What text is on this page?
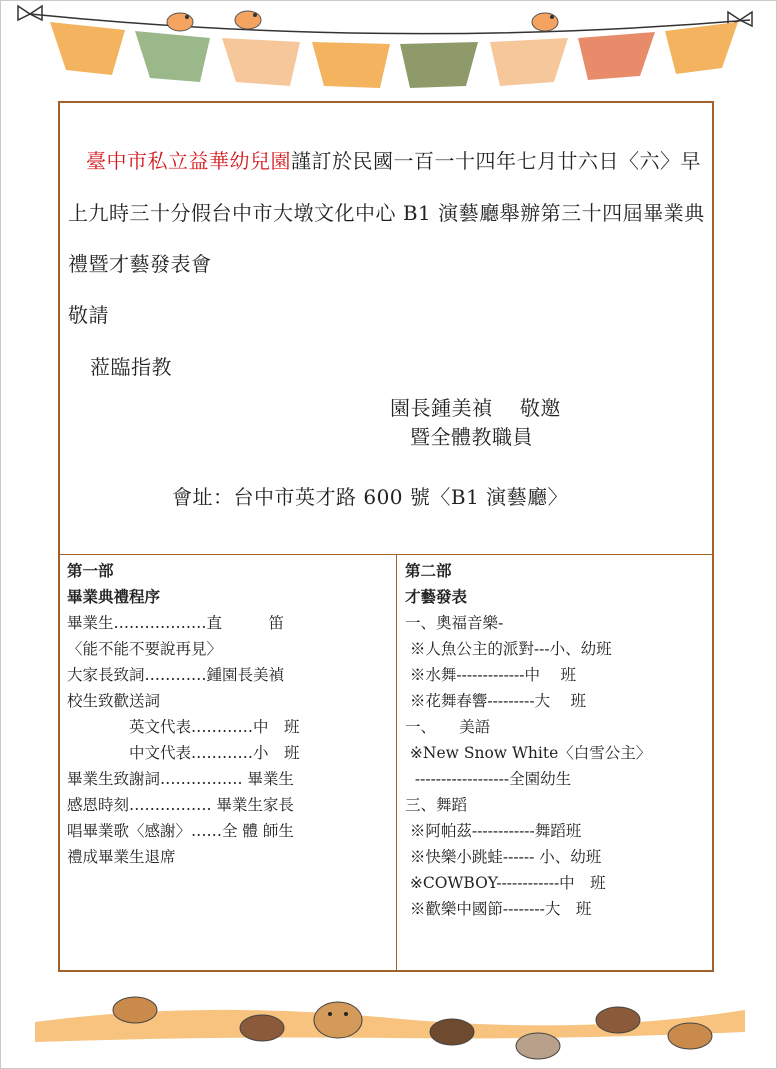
臺中市私立益華幼兒園謹訂於民國一百一十四年七月廿六日〈六〉早
上九時三十分假台中市大墩文化中心 B1 演藝廳舉辦第三十四屆畢業典
禮暨才藝發表會
敬請
蒞臨指教
園長鍾美禎　 敬邀
暨全體教職員
會址：台中市英才路 600 號〈B1 演藝廳〉
第一部
畢業典禮程序
畢業生………………直　　　笛
〈能不能不要說再見〉
大家長致詞…………鍾園長美禎
校生致歡送詞
　　　　英文代表…………中　班
　　　　中文代表…………小　班
畢業生致謝詞……………. 畢業生
感恩時刻……………. 畢業生家長
唱畢業歌〈感謝〉……全 體 師生
禮成畢業生退席
第二部
才藝發表
一、奧福音樂-
※人魚公主的派對---小、幼班
※水舞-------------中　 班
※花舞春響---------大　 班
一、　　美語
※New Snow White〈白雪公主〉
------------------全園幼生
三、舞蹈
※阿帕茲------------舞蹈班
※快樂小跳蛙------ 小、幼班
※COWBOY------------中　班
※歡樂中國節--------大　班
